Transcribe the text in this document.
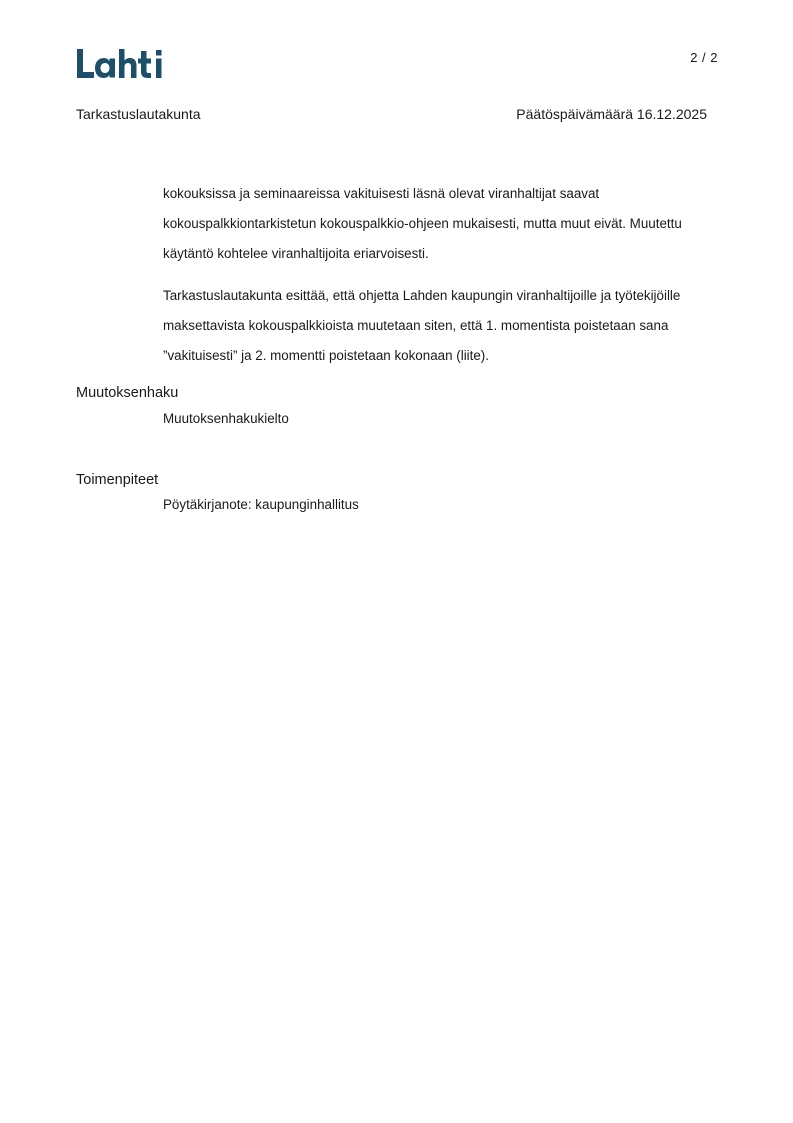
2 / 2
Tarkastuslautakunta	Päätöspäivämäärä 16.12.2025

kokouksissa ja seminaareissa vakituisesti läsnä olevat viranhaltijat saavat kokouspalkkiontarkistetun kokouspalkkio-ohjeen mukaisesti, mutta muut eivät. Muutettu käytäntö kohtelee viranhaltijoita eriarvoisesti.

Tarkastuslautakunta esittää, että ohjetta Lahden kaupungin viranhaltijoille ja työtekijöille maksettavista kokouspalkkioista muutetaan siten, että 1. momentista poistetaan sana ”vakituisesti” ja 2. momentti poistetaan kokonaan (liite).

Muutoksenhaku
Muutoksenhakukielto
Toimenpiteet
Pöytäkirjanote: kaupunginhallitus
